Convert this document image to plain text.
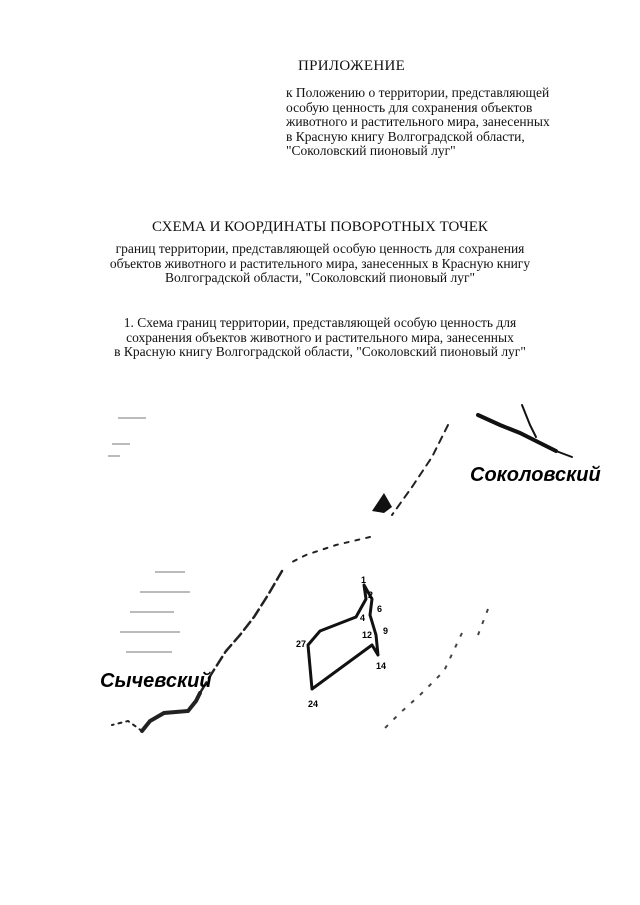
ПРИЛОЖЕНИЕ
к Положению о территории, представляющей
особую ценность для сохранения объектов
животного и растительного мира, занесенных
в Красную книгу Волгоградской области,
"Соколовский пионовый луг"
СХЕМА И КООРДИНАТЫ ПОВОРОТНЫХ ТОЧЕК
границ территории, представляющей особую ценность для сохранения
объектов животного и растительного мира, занесенных в Красную книгу
Волгоградской области, "Соколовский пионовый луг"
1. Схема границ территории, представляющей особую ценность для
сохранения объектов животного и растительного мира, занесенных
в Красную книгу Волгоградской области, "Соколовский пионовый луг"
Соколовский
Сычевский
1
2
6
4
12 9
27
14
24
